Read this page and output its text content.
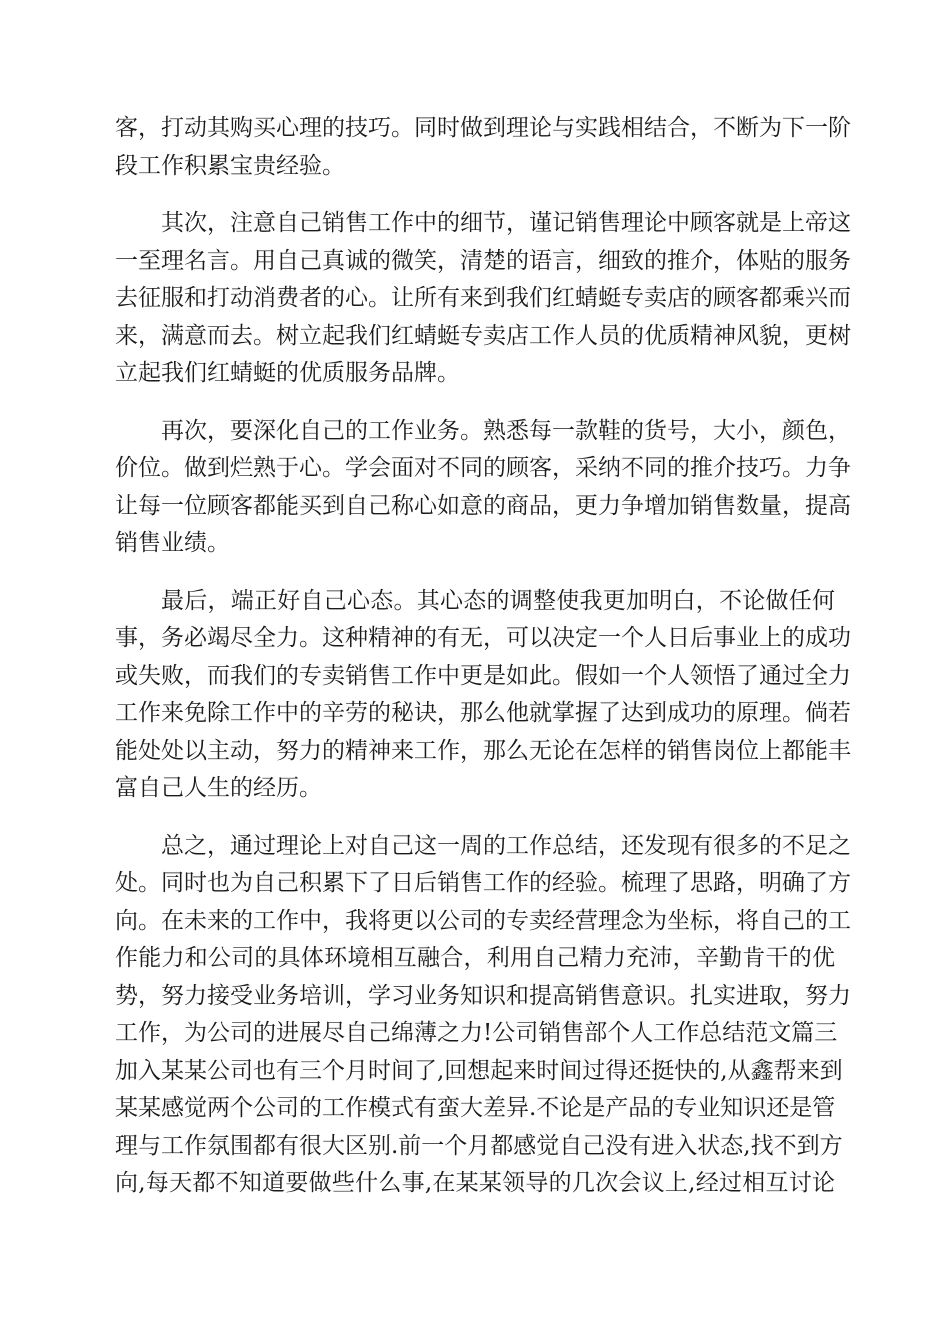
客，打动其购买心理的技巧。同时做到理论与实践相结合，不断为下一阶
段工作积累宝贵经验。
其次，注意自己销售工作中的细节，谨记销售理论中顾客就是上帝这
一至理名言。用自己真诚的微笑，清楚的语言，细致的推介，体贴的服务
去征服和打动消费者的心。让所有来到我们红蜻蜓专卖店的顾客都乘兴而
来，满意而去。树立起我们红蜻蜓专卖店工作人员的优质精神风貌，更树
立起我们红蜻蜓的优质服务品牌。
再次，要深化自己的工作业务。熟悉每一款鞋的货号，大小，颜色，
价位。做到烂熟于心。学会面对不同的顾客，采纳不同的推介技巧。力争
让每一位顾客都能买到自己称心如意的商品，更力争增加销售数量，提高
销售业绩。
最后，端正好自己心态。其心态的调整使我更加明白，不论做任何
事，务必竭尽全力。这种精神的有无，可以决定一个人日后事业上的成功
或失败，而我们的专卖销售工作中更是如此。假如一个人领悟了通过全力
工作来免除工作中的辛劳的秘诀，那么他就掌握了达到成功的原理。倘若
能处处以主动，努力的精神来工作，那么无论在怎样的销售岗位上都能丰
富自己人生的经历。
总之，通过理论上对自己这一周的工作总结，还发现有很多的不足之
处。同时也为自己积累下了日后销售工作的经验。梳理了思路，明确了方
向。在未来的工作中，我将更以公司的专卖经营理念为坐标，将自己的工
作能力和公司的具体环境相互融合，利用自己精力充沛，辛勤肯干的优
势，努力接受业务培训，学习业务知识和提高销售意识。扎实进取，努力
工作，为公司的进展尽自己绵薄之力!公司销售部个人工作总结范文篇三
加入某某公司也有三个月时间了,回想起来时间过得还挺快的,从鑫帮来到
某某感觉两个公司的工作模式有蛮大差异.不论是产品的专业知识还是管
理与工作氛围都有很大区别.前一个月都感觉自己没有进入状态,找不到方
向,每天都不知道要做些什么事,在某某领导的几次会议上,经过相互讨论
